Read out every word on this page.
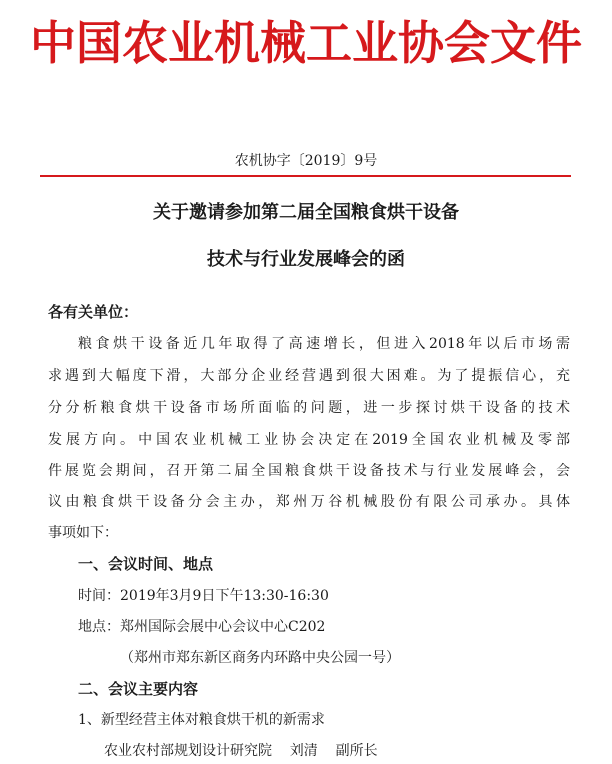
中国农业机械工业协会文件
农机协字〔2019〕9号
关于邀请参加第二届全国粮食烘干设备
技术与行业发展峰会的函
各有关单位：
粮食烘干设备近几年取得了高速增长，但进入2018年以后市场需
求遇到大幅度下滑，大部分企业经营遇到很大困难。为了提振信心，充
分分析粮食烘干设备市场所面临的问题，进一步探讨烘干设备的技术
发展方向。中国农业机械工业协会决定在2019全国农业机械及零部
件展览会期间，召开第二届全国粮食烘干设备技术与行业发展峰会，会
议由粮食烘干设备分会主办，郑州万谷机械股份有限公司承办。具体
事项如下：
一、会议时间、地点
时间：2019年3月9日下午13:30-16:30
地点：郑州国际会展中心会议中心C202
（郑州市郑东新区商务内环路中央公园一号）
二、会议主要内容
1、新型经营主体对粮食烘干机的新需求
农业农村部规划设计研究院    刘清    副所长
